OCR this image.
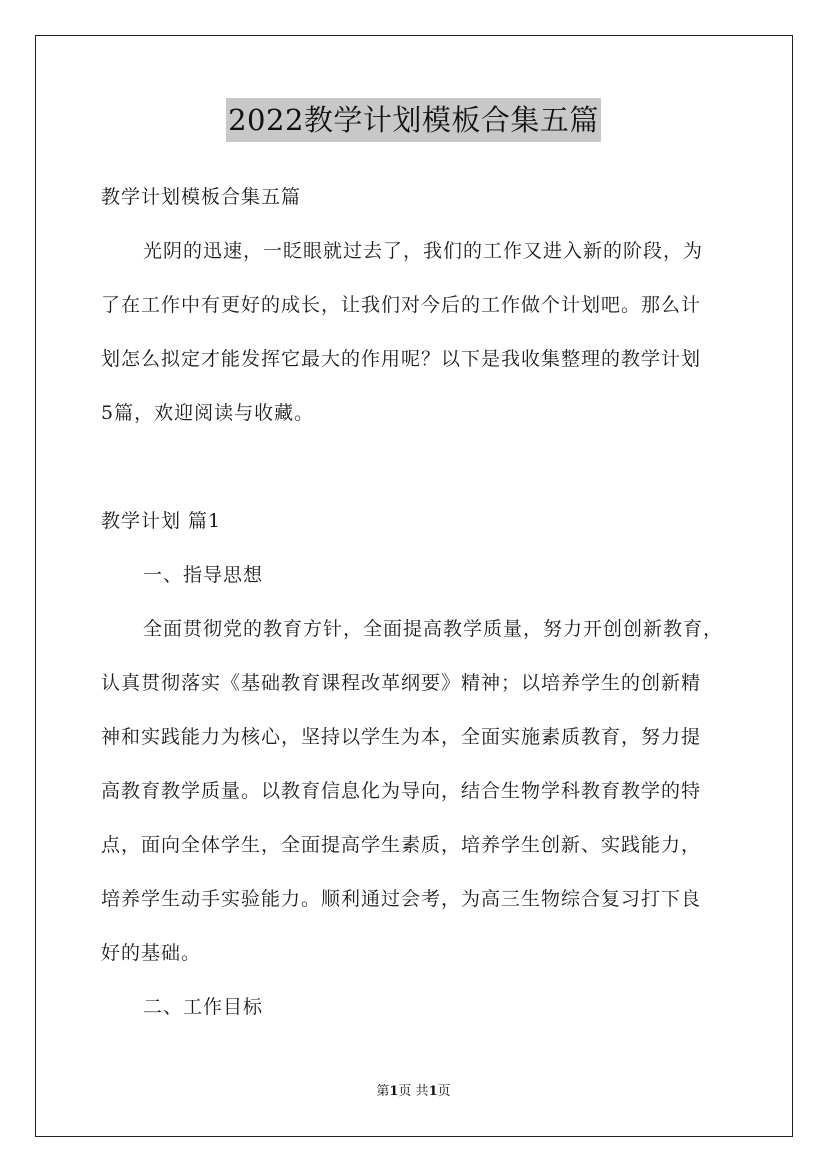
2022教学计划模板合集五篇
教学计划模板合集五篇
光阴的迅速，一眨眼就过去了，我们的工作又进入新的阶段，为
了在工作中有更好的成长，让我们对今后的工作做个计划吧。那么计
划怎么拟定才能发挥它最大的作用呢？以下是我收集整理的教学计划
5篇，欢迎阅读与收藏。
教学计划 篇1
一、指导思想
全面贯彻党的教育方针，全面提高教学质量，努力开创创新教育，
认真贯彻落实《基础教育课程改革纲要》精神；以培养学生的创新精
神和实践能力为核心，坚持以学生为本，全面实施素质教育，努力提
高教育教学质量。以教育信息化为导向，结合生物学科教育教学的特
点，面向全体学生，全面提高学生素质，培养学生创新、实践能力，
培养学生动手实验能力。顺利通过会考，为高三生物综合复习打下良
好的基础。
二、工作目标
第1页 共1页
